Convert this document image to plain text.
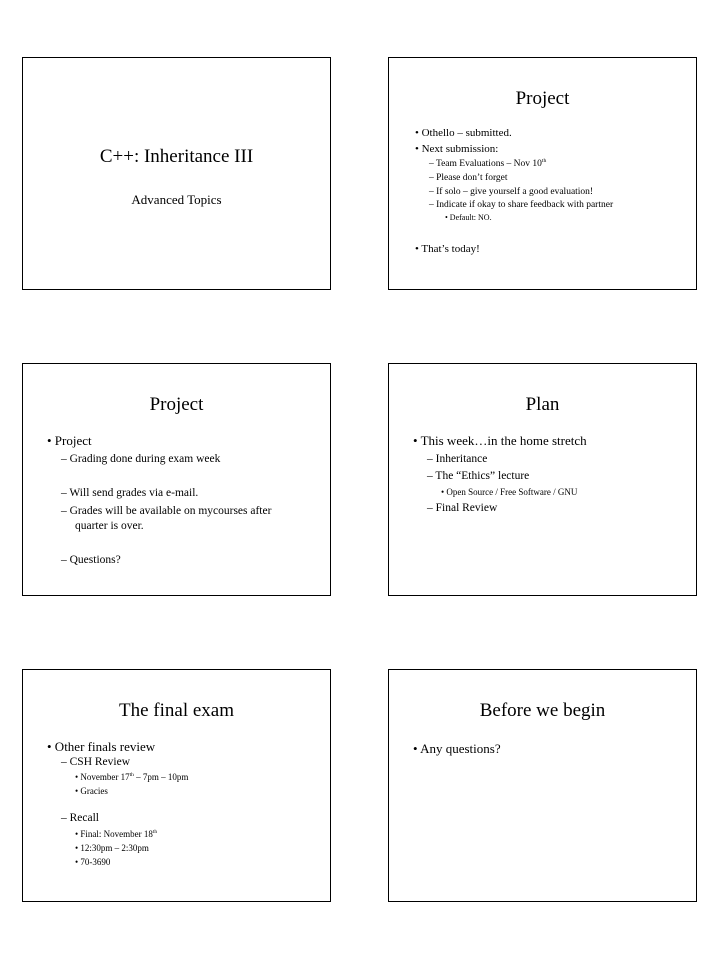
C++: Inheritance III
Advanced Topics
Project
• Othello – submitted.
• Next submission:
– Team Evaluations – Nov 10th
– Please don’t forget
– If solo – give yourself a good evaluation!
– Indicate if okay to share feedback with partner
• Default: NO.
• That’s today!
Project
• Project
– Grading done during exam week
– Will send grades via e-mail.
– Grades will be available on mycourses after
quarter is over.
– Questions?
Plan
• This week…in the home stretch
– Inheritance
– The “Ethics” lecture
• Open Source / Free Software / GNU
– Final Review
The final exam
• Other finals review
– CSH Review
• November 17th – 7pm – 10pm
• Gracies
– Recall
• Final: November 18th
• 12:30pm – 2:30pm
• 70-3690
Before we begin
• Any questions?
